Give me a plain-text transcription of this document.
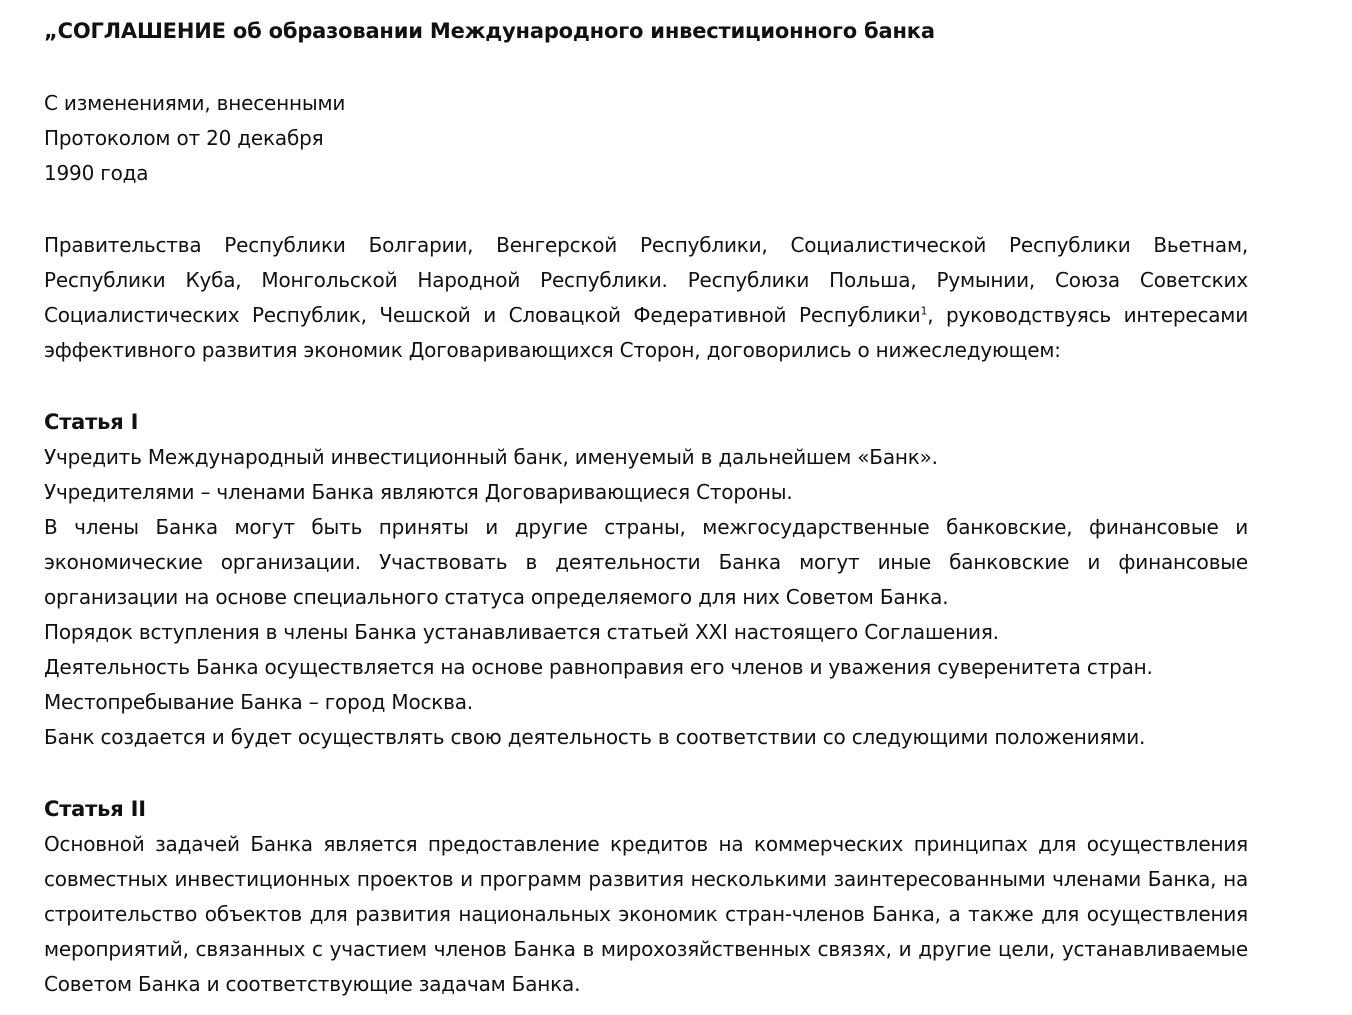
„СОГЛАШЕНИЕ об образовании Международного инвестиционного банка

С изменениями, внесенными

Протоколом от 20 декабря

1990 года

Правительства Республики Болгарии, Венгерской Республики, Социалистической Республики Вьетнам, Республики Куба, Монгольской Народной Республики. Республики Польша, Румынии, Союза Советских Социалистических Республик, Чешской и Словацкой Федеративной Республики$^1$, руководствуясь интересами эффективного развития экономик Договаривающихся Сторон, договорились о нижеследующем:

Статья I

Учредить Международный инвестиционный банк, именуемый в дальнейшем «Банк».

Учредителями – членами Банка являются Договаривающиеся Стороны.

В члены Банка могут быть приняты и другие страны, межгосударственные банковские, финансовые и экономические организации. Участвовать в деятельности Банка могут иные банковские и финансовые организации на основе специального статуса определяемого для них Советом Банка.

Порядок вступления в члены Банка устанавливается статьей XXI настоящего Соглашения.

Деятельность Банка осуществляется на основе равноправия его членов и уважения суверенитета стран.

Местопребывание Банка – город Москва.

Банк создается и будет осуществлять свою деятельность в соответствии со следующими положениями.

Статья II

Основной задачей Банка является предоставление кредитов на коммерческих принципах для осуществления совместных инвестиционных проектов и программ развития несколькими заинтересованными членами Банка, на строительство объектов для развития национальных экономик стран-членов Банка, а также для осуществления мероприятий, связанных с участием членов Банка в мирохозяйственных связях, и другие цели, устанавливаемые Советом Банка и соответствующие задачам Банка.
